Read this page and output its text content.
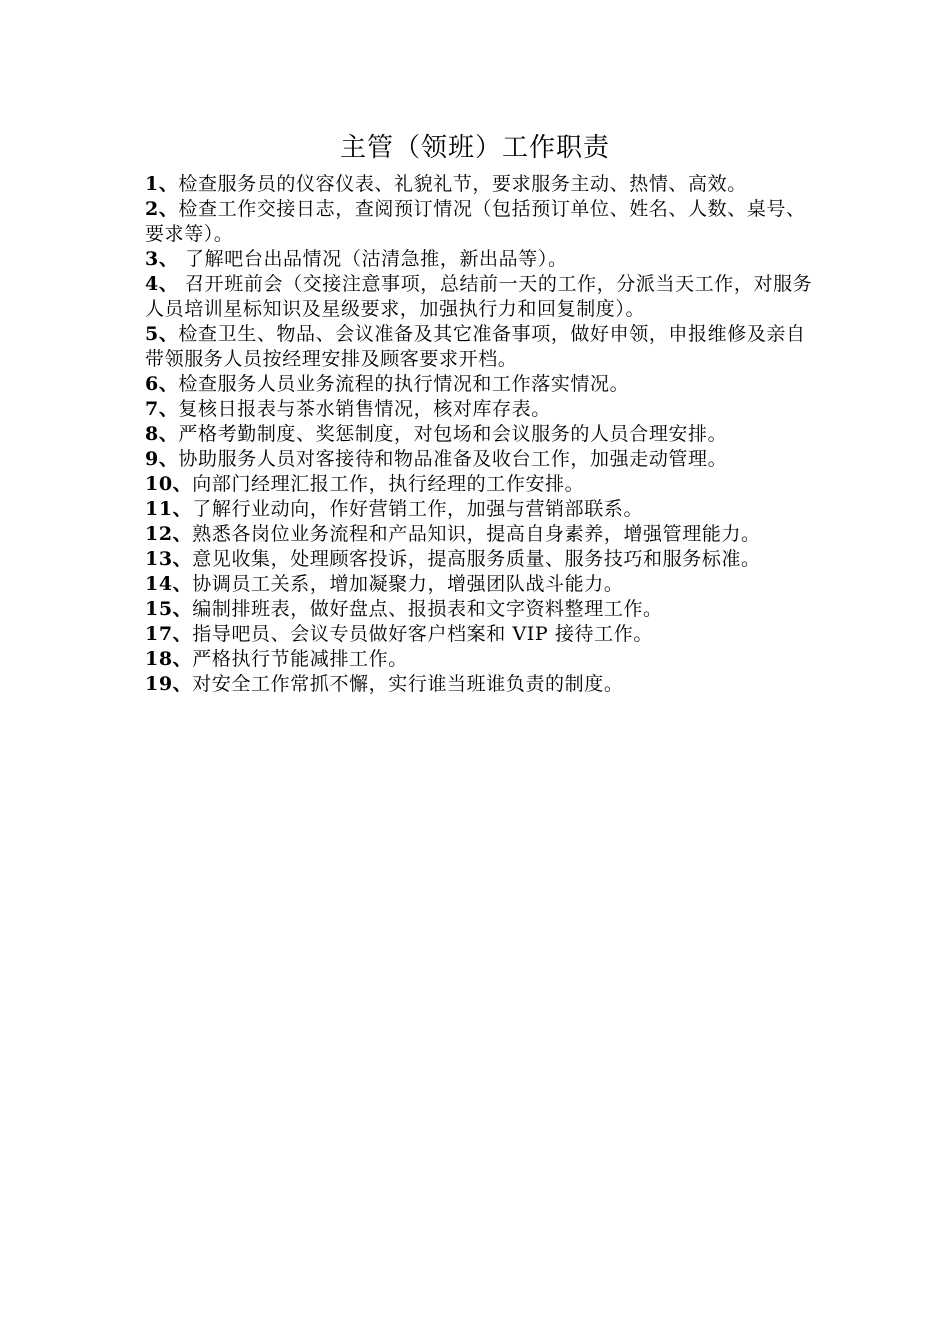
主管（领班）工作职责
1、检查服务员的仪容仪表、礼貌礼节，要求服务主动、热情、高效。
2、检查工作交接日志，查阅预订情况（包括预订单位、姓名、人数、桌号、要求等）。
3、 了解吧台出品情况（沽清急推，新出品等）。
4、 召开班前会（交接注意事项，总结前一天的工作，分派当天工作，对服务人员培训星标知识及星级要求，加强执行力和回复制度）。
5、检查卫生、物品、会议准备及其它准备事项，做好申领，申报维修及亲自带领服务人员按经理安排及顾客要求开档。
6、检查服务人员业务流程的执行情况和工作落实情况。
7、复核日报表与茶水销售情况，核对库存表。
8、严格考勤制度、奖惩制度，对包场和会议服务的人员合理安排。
9、协助服务人员对客接待和物品准备及收台工作，加强走动管理。
10、向部门经理汇报工作，执行经理的工作安排。
11、了解行业动向，作好营销工作，加强与营销部联系。
12、熟悉各岗位业务流程和产品知识，提高自身素养，增强管理能力。
13、意见收集，处理顾客投诉，提高服务质量、服务技巧和服务标准。
14、协调员工关系，增加凝聚力，增强团队战斗能力。
15、编制排班表，做好盘点、报损表和文字资料整理工作。
17、指导吧员、会议专员做好客户档案和 VIP 接待工作。
18、严格执行节能减排工作。
19、对安全工作常抓不懈，实行谁当班谁负责的制度。
